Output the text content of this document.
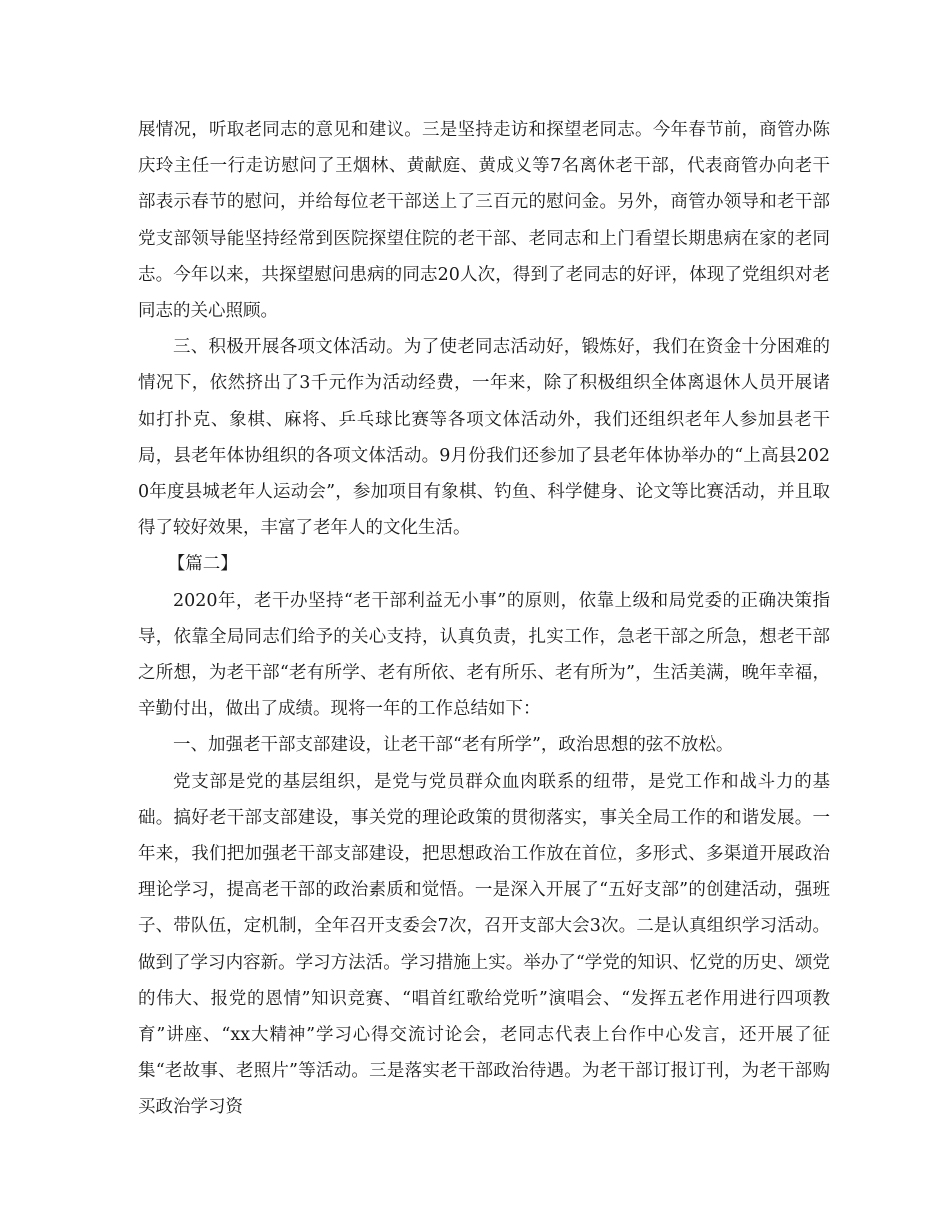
展情况，听取老同志的意见和建议。三是坚持走访和探望老同志。今年春节前，商管办陈庆玲主任一行走访慰问了王烟林、黄献庭、黄成义等7名离休老干部，代表商管办向老干部表示春节的慰问，并给每位老干部送上了三百元的慰问金。另外，商管办领导和老干部党支部领导能坚持经常到医院探望住院的老干部、老同志和上门看望长期患病在家的老同志。今年以来，共探望慰问患病的同志20人次，得到了老同志的好评，体现了党组织对老同志的关心照顾。

三、积极开展各项文体活动。为了使老同志活动好，锻炼好，我们在资金十分困难的情况下，依然挤出了3千元作为活动经费，一年来，除了积极组织全体离退休人员开展诸如打扑克、象棋、麻将、乒乓球比赛等各项文体活动外，我们还组织老年人参加县老干局，县老年体协组织的各项文体活动。9月份我们还参加了县老年体协举办的“上高县2020年度县城老年人运动会”，参加项目有象棋、钓鱼、科学健身、论文等比赛活动，并且取得了较好效果，丰富了老年人的文化生活。

【篇二】

2020年，老干办坚持“老干部利益无小事”的原则，依靠上级和局党委的正确决策指导，依靠全局同志们给予的关心支持，认真负责，扎实工作，急老干部之所急，想老干部之所想，为老干部“老有所学、老有所依、老有所乐、老有所为”，生活美满，晚年幸福，辛勤付出，做出了成绩。现将一年的工作总结如下：

一、加强老干部支部建设，让老干部“老有所学”，政治思想的弦不放松。

党支部是党的基层组织，是党与党员群众血肉联系的纽带，是党工作和战斗力的基础。搞好老干部支部建设，事关党的理论政策的贯彻落实，事关全局工作的和谐发展。一年来，我们把加强老干部支部建设，把思想政治工作放在首位，多形式、多渠道开展政治理论学习，提高老干部的政治素质和觉悟。一是深入开展了“五好支部”的创建活动，强班子、带队伍，定机制，全年召开支委会7次，召开支部大会3次。二是认真组织学习活动。做到了学习内容新。学习方法活。学习措施上实。举办了“学党的知识、忆党的历史、颂党的伟大、报党的恩情”知识竞赛、“唱首红歌给党听”演唱会、“发挥五老作用进行四项教育”讲座、“xx大精神”学习心得交流讨论会，老同志代表上台作中心发言，还开展了征集“老故事、老照片”等活动。三是落实老干部政治待遇。为老干部订报订刊，为老干部购买政治学习资
